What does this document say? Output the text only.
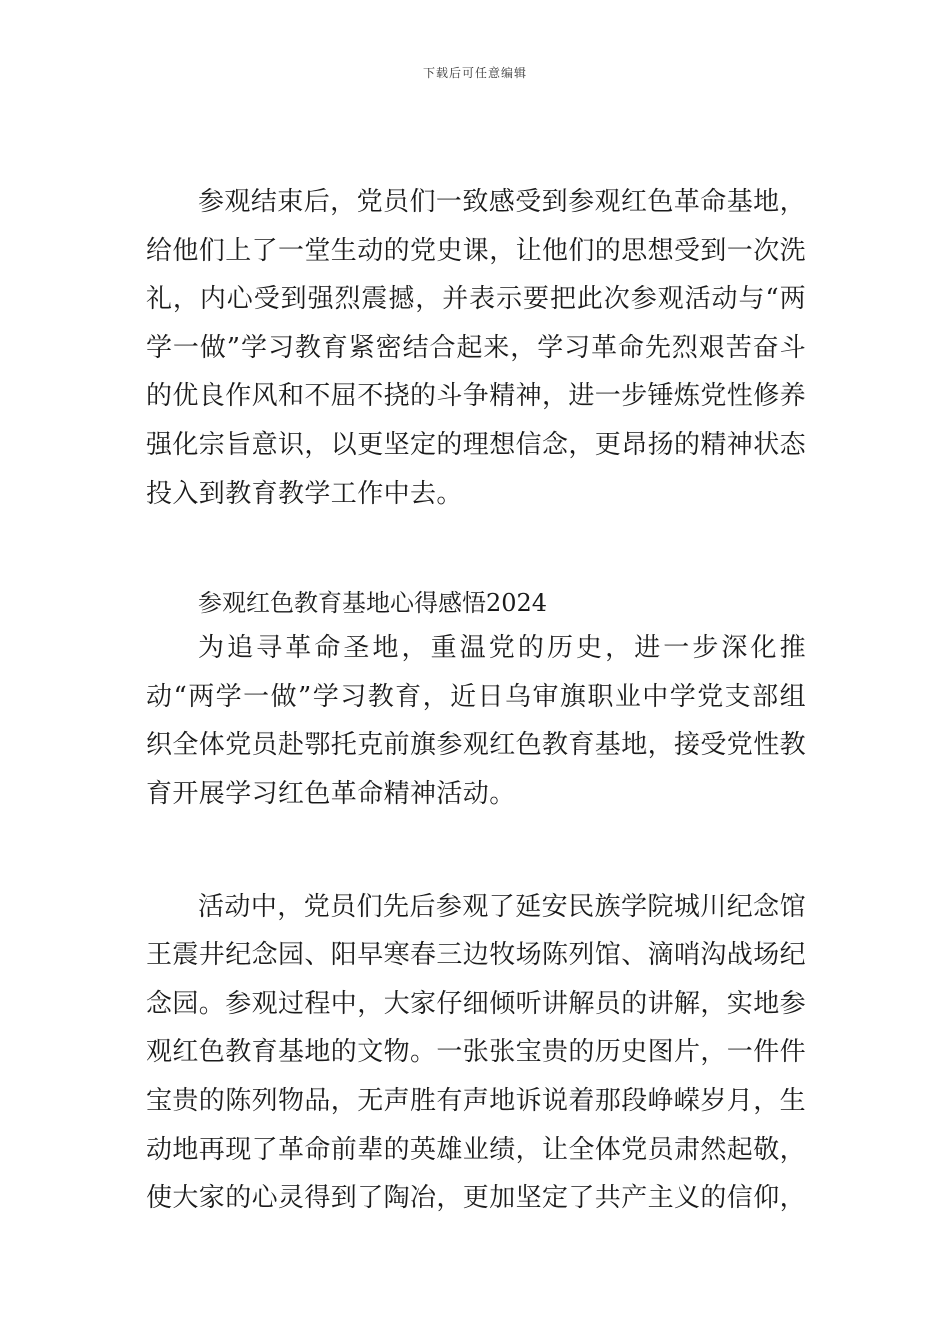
下载后可任意编辑

参观结束后，党员们一致感受到参观红色革命基地，给他们上了一堂生动的党史课，让他们的思想受到一次洗礼，内心受到强烈震撼，并表示要把此次参观活动与“两学一做”学习教育紧密结合起来，学习革命先烈艰苦奋斗的优良作风和不屈不挠的斗争精神，进一步锤炼党性修养强化宗旨意识，以更坚定的理想信念，更昂扬的精神状态投入到教育教学工作中去。

参观红色教育基地心得感悟2024

为追寻革命圣地，重温党的历史，进一步深化推动“两学一做”学习教育，近日乌审旗职业中学党支部组织全体党员赴鄂托克前旗参观红色教育基地，接受党性教育开展学习红色革命精神活动。

活动中，党员们先后参观了延安民族学院城川纪念馆王震井纪念园、阳早寒春三边牧场陈列馆、滴哨沟战场纪念园。参观过程中，大家仔细倾听讲解员的讲解，实地参观红色教育基地的文物。一张张宝贵的历史图片，一件件宝贵的陈列物品，无声胜有声地诉说着那段峥嵘岁月，生动地再现了革命前辈的英雄业绩，让全体党员肃然起敬，使大家的心灵得到了陶冶，更加坚定了共产主义的信仰，
